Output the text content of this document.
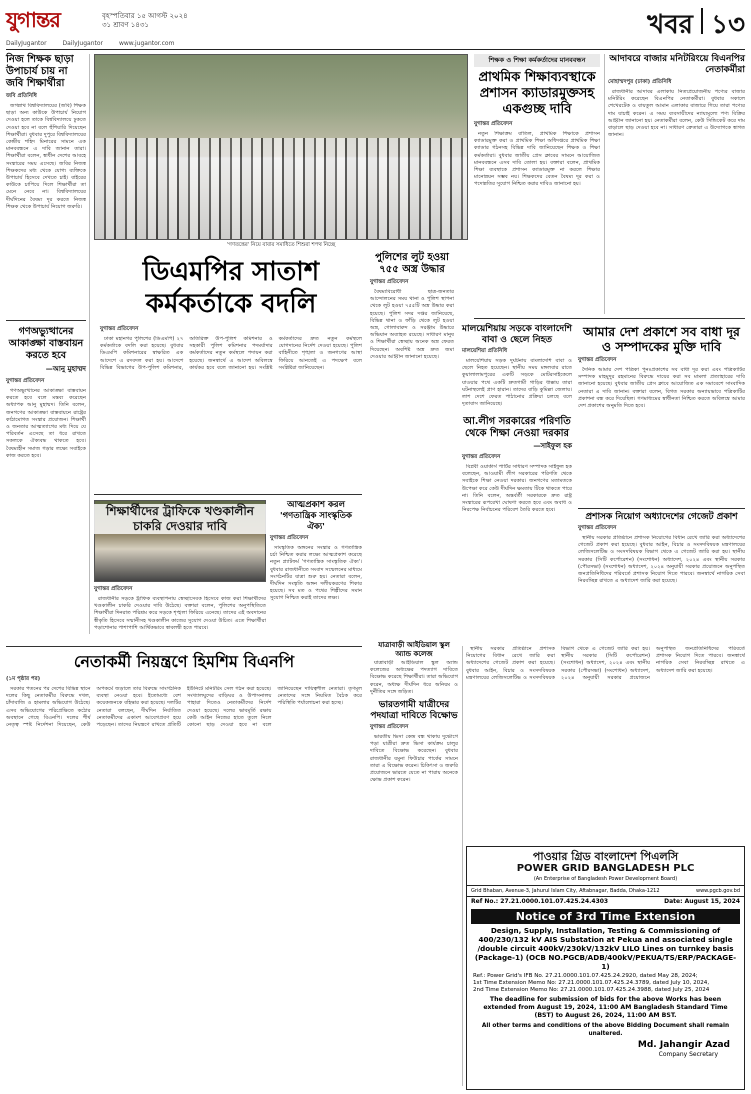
যুগান্তর	বৃহস্পতিবার ১৫ আগস্ট ২০২৪
৩১ শ্রাবণ ১৪৩১	খবর ১৩
DailyJugantor	DailyJugantor	www.jugantor.com
নিজ শিক্ষক ছাড়া উপাচার্য চায় না জবি শিক্ষার্থীরা
জবি প্রতিনিধি

জগন্নাথ বিশ্ববিদ্যালয়ের (জবি) শিক্ষক ছাড়া অন্য কাউকে উপাচার্য নিয়োগ দেওয়া হলে তাকে বিশ্ববিদ্যালয়ে ঢুকতে দেওয়া হবে না বলে হুঁশিয়ারি দিয়েছেন শিক্ষার্থীরা। বুধবার দুপুরে বিশ্ববিদ্যালয়ের কেন্দ্রীয় শহিদ মিনারের সামনে এক মানববন্ধনে এ দাবি জানান তারা। শিক্ষার্থীরা বলেন, স্বাধীন দেশের আবহে সংস্কারের সময় এসেছে। জবির নিজস্ব শিক্ষকদের মধ্য থেকে যোগ্য ব্যক্তিকে উপাচার্য হিসেবে দেখতে চাই। বাইরের কাউকে চাপিয়ে দিলে শিক্ষার্থীরা তা মেনে নেবে না। বিশ্ববিদ্যালয়ের দীর্ঘদিনের বৈষম্য দূর করতে নিজস্ব শিক্ষক থেকে উপাচার্য নিয়োগ জরুরি।

গণঅভ্যুত্থানের আকাঙ্ক্ষা বাস্তবায়ন করতে হবে
—আনু মুহাম্মদ
যুগান্তর প্রতিবেদন

গণঅভ্যুত্থানের আকাঙ্ক্ষা বাস্তবায়ন করতে হবে বলে মন্তব্য করেছেন অধ্যাপক আনু মুহাম্মদ। তিনি বলেন, জনগণের আকাঙ্ক্ষা বাস্তবায়নে রাষ্ট্রের কাঠামোগত সংস্কার প্রয়োজন। শিক্ষার্থী ও জনতার আত্মত্যাগের মধ্য দিয়ে যে পরিবর্তন এসেছে তা ধরে রাখতে সকলকে ঐক্যবদ্ধ থাকতে হবে। বৈষম্যহীন সমাজ গড়ার লক্ষ্যে সবাইকে কাজ করতে হবে।

'গণতন্ত্রের' নিয়ে বাবার সমাধিতে শিশুরা শপথ নিচ্ছে
শিক্ষক ও শিক্ষা কর্মকর্তাদের মানববন্ধন
প্রাথমিক শিক্ষাব্যবস্থাকে প্রশাসন ক্যাডারমুক্তসহ একগুচ্ছ দাবি
যুগান্তর প্রতিবেদন

নতুন শিক্ষাক্রম বাতিল, প্রাথমিক শিক্ষাকে প্রশাসন ক্যাডারমুক্ত করা ও প্রাথমিক শিক্ষা অধিদপ্তরে প্রাথমিক শিক্ষা ক্যাডার গঠনসহ বিভিন্ন দাবি জানিয়েছেন শিক্ষক ও শিক্ষা কর্মকর্তারা। বুধবার জাতীয় প্রেস ক্লাবের সামনে আয়োজিত মানববন্ধনে এসব দাবি তোলা হয়। বক্তারা বলেন, প্রাথমিক শিক্ষা ব্যবস্থাকে প্রশাসন ক্যাডারমুক্ত না করলে শিক্ষার মানোন্নয়ন সম্ভব নয়। শিক্ষকদের বেতন বৈষম্য দূর করা ও পদোন্নতির সুযোগ নিশ্চিত করার দাবিও জানানো হয়।

আদাবরে বাজার মনিটরিংয়ে বিএনপির নেতাকর্মীরা
মোহাম্মদপুর (ঢাকা) প্রতিনিধি

রাজধানীর আদাবর এলাকায় নিত্যপ্রয়োজনীয় পণ্যের বাজার মনিটরিং করেছেন বিএনপির নেতাকর্মীরা। বুধবার সকালে শেখেরটেক ও বায়তুল আমান এলাকার বাজারে গিয়ে তারা পণ্যের দাম যাচাই করেন। এ সময় ব্যবসায়ীদের ন্যায্যমূল্যে পণ্য বিক্রির আহ্বান জানানো হয়। নেতাকর্মীরা বলেন, কেউ সিন্ডিকেট করে দাম বাড়ালে ছাড় দেওয়া হবে না। সাধারণ ক্রেতারা এ উদ্যোগকে স্বাগত জানান।

ডিএমপির সাতাশ কর্মকর্তাকে বদলি
পুলিশের লুট হওয়া ৭৫৫ অস্ত্র উদ্ধার
যুগান্তর প্রতিবেদন

বৈষম্যবিরোধী ছাত্র-জনতার আন্দোলনের সময় থানা ও পুলিশ স্থাপনা থেকে লুট হওয়া ৭৫৫টি অস্ত্র উদ্ধার করা হয়েছে। পুলিশ সদর দপ্তর জানিয়েছে, বিভিন্ন থানা ও ফাঁড়ি থেকে লুট হওয়া অস্ত্র, গোলাবারুদ ও সরঞ্জাম উদ্ধারে অভিযান অব্যাহত রয়েছে। সাধারণ মানুষ ও শিক্ষার্থীরা স্বেচ্ছায় অনেক অস্ত্র ফেরত দিয়েছেন। অবশিষ্ট অস্ত্র দ্রুত জমা দেওয়ার আহ্বান জানানো হয়েছে।

যুগান্তর প্রতিবেদন

ঢাকা মহানগর পুলিশের (ডিএমপি) ২৭ কর্মকর্তাকে বদলি করা হয়েছে। বুধবার ডিএমপি কমিশনারের স্বাক্ষরিত এক আদেশে এ রদবদল করা হয়। আদেশে বিভিন্ন বিভাগের উপ-পুলিশ কমিশনার, অতিরিক্ত উপ-পুলিশ কমিশনার ও সহকারী পুলিশ কমিশনার পদমর্যাদার কর্মকর্তাদের নতুন কর্মস্থলে পদায়ন করা হয়েছে। জনস্বার্থে এ আদেশ অবিলম্বে কার্যকর হবে বলে জানানো হয়। সংশ্লিষ্ট কর্মকর্তাদের দ্রুত নতুন কর্মস্থলে যোগদানের নির্দেশ দেওয়া হয়েছে। পুলিশ বাহিনীতে শৃঙ্খলা ও জনগণের আস্থা ফিরিয়ে আনতেই এ পদক্ষেপ বলে সংশ্লিষ্টরা জানিয়েছেন।

মালয়েশিয়ায় সড়কে বাংলাদেশি বাবা ও ছেলে নিহত
মালয়েশিয়া প্রতিনিধি

মালয়েশিয়ায় সড়ক দুর্ঘটনায় বাংলাদেশি বাবা ও ছেলে নিহত হয়েছেন। স্থানীয় সময় মঙ্গলবার রাতে কুয়ালালামপুরের একটি সড়কে মোটরসাইকেলে যাওয়ার পথে একটি দ্রুতগামী গাড়ির ধাক্কায় তারা ঘটনাস্থলেই প্রাণ হারান। তাদের বাড়ি কুমিল্লা জেলায়। লাশ দেশে ফেরত পাঠানোর প্রক্রিয়া চলছে বলে দূতাবাস জানিয়েছে।

আমার দেশ প্রকাশে সব বাধা দূর ও সম্পাদকের মুক্তি দাবি
যুগান্তর প্রতিবেদন

দৈনিক আমার দেশ পত্রিকা পুনঃপ্রকাশের সব বাধা দূর করা এবং পত্রিকাটির সম্পাদক মাহমুদুর রহমানের বিরুদ্ধে দায়ের করা সব মামলা প্রত্যাহারের দাবি জানানো হয়েছে। বুধবার জাতীয় প্রেস ক্লাবে আয়োজিত এক সমাবেশে সাংবাদিক নেতারা এ দাবি জানান। বক্তারা বলেন, বিগত সরকার অন্যায়ভাবে পত্রিকাটির প্রকাশনা বন্ধ করে দিয়েছিল। গণমাধ্যমের স্বাধীনতা নিশ্চিত করতে অবিলম্বে আমার দেশ প্রকাশের অনুমতি দিতে হবে।

আ.লীগ সরকারের পরিণতি থেকে শিক্ষা নেওয়া দরকার
—সাইফুল হক
যুগান্তর প্রতিবেদন

বিপ্লবী ওয়ার্কার্স পার্টির সাধারণ সম্পাদক সাইফুল হক বলেছেন, আওয়ামী লীগ সরকারের পরিণতি থেকে সবাইকে শিক্ষা নেওয়া দরকার। জনগণের মতামতকে উপেক্ষা করে কেউ দীর্ঘদিন ক্ষমতায় টিকে থাকতে পারে না। তিনি বলেন, অন্তর্বর্তী সরকারকে দ্রুত রাষ্ট্র সংস্কারের রূপরেখা ঘোষণা করতে হবে এবং অবাধ ও নিরপেক্ষ নির্বাচনের পরিবেশ তৈরি করতে হবে।

শিক্ষার্থীদের ট্রাফিকে খণ্ডকালীন চাকরি দেওয়ার দাবি
যুগান্তর প্রতিবেদন

রাজধানীর সড়কে ট্রাফিক ব্যবস্থাপনায় স্বেচ্ছাসেবক হিসেবে কাজ করা শিক্ষার্থীদের খণ্ডকালীন চাকরি দেওয়ার দাবি উঠেছে। বক্তারা বলেন, পুলিশের অনুপস্থিতিতে শিক্ষার্থীরা দিনরাত পরিশ্রম করে সড়কে শৃঙ্খলা ফিরিয়ে এনেছে। তাদের এই অবদানের স্বীকৃতি হিসেবে সম্মানীসহ খণ্ডকালীন কাজের সুযোগ দেওয়া উচিত। এতে শিক্ষার্থীরা পড়াশোনার পাশাপাশি আর্থিকভাবে স্বাবলম্বী হতে পারবে।

আত্মপ্রকাশ করল 'গণতান্ত্রিক সাংস্কৃতিক ঐক্য'
যুগান্তর প্রতিবেদন

সাংস্কৃতিক অঙ্গনের সংস্কার ও গণতান্ত্রিক চর্চা নিশ্চিত করার লক্ষ্যে আত্মপ্রকাশ করেছে নতুন প্ল্যাটফর্ম 'গণতান্ত্রিক সাংস্কৃতিক ঐক্য'। বুধবার রাজধানীতে সংবাদ সম্মেলনের মাধ্যমে সংগঠনটির যাত্রা শুরু হয়। নেতারা বলেন, দীর্ঘদিন সংস্কৃতি অঙ্গন দলীয়করণের শিকার হয়েছে। সব মত ও পথের শিল্পীদের সমান সুযোগ নিশ্চিত করাই তাদের লক্ষ্য।

প্রশাসক নিয়োগ অধ্যাদেশের গেজেট প্রকাশ
যুগান্তর প্রতিবেদন

স্থানীয় সরকার প্রতিষ্ঠানে প্রশাসক নিয়োগের বিধান রেখে জারি করা অধ্যাদেশের গেজেট প্রকাশ করা হয়েছে। বুধবার আইন, বিচার ও সংসদবিষয়ক মন্ত্রণালয়ের লেজিসলেটিভ ও সংসদবিষয়ক বিভাগ থেকে এ গেজেট জারি করা হয়। স্থানীয় সরকার (সিটি কর্পোরেশন) (সংশোধন) অধ্যাদেশ, ২০২৪ এবং স্থানীয় সরকার (পৌরসভা) (সংশোধন) অধ্যাদেশ, ২০২৪ অনুযায়ী সরকার প্রয়োজনে অনুপস্থিত জনপ্রতিনিধিদের পরিবর্তে প্রশাসক নিয়োগ দিতে পারবে। জনস্বার্থে নাগরিক সেবা নিরবচ্ছিন্ন রাখতে এ অধ্যাদেশ জারি করা হয়েছে।

যাত্রাবাড়ী আইডিয়াল স্কুল অ্যান্ড কলেজ

যাত্রাবাড়ী আইডিয়াল স্কুল অ্যান্ড কলেজের অধ্যক্ষের পদত্যাগ দাবিতে বিক্ষোভ করেছে শিক্ষার্থীরা। তারা অভিযোগ করেন, অধ্যক্ষ দীর্ঘদিন ধরে অনিয়ম ও দুর্নীতির সঙ্গে জড়িত।

ভারতগামী যাত্রীদের পদযাত্রা দাবিতে বিক্ষোভ
যুগান্তর প্রতিবেদন

ভারতীয় ভিসা কেন্দ্র বন্ধ থাকায় দুর্ভোগে পড়া যাত্রীরা দ্রুত ভিসা কার্যক্রম চালুর দাবিতে বিক্ষোভ করেছেন। বুধবার রাজধানীর যমুনা ফিউচার পার্কের সামনে তারা এ বিক্ষোভ করেন। চিকিৎসা ও জরুরি প্রয়োজনে ভারতে যেতে না পারায় অনেকে ক্ষোভ প্রকাশ করেন।

নেতাকর্মী নিয়ন্ত্রণে হিমশিম বিএনপি
(১ম পৃষ্ঠার পর)

সরকার পতনের পর দেশের বিভিন্ন স্থানে দলের কিছু নেতাকর্মীর বিরুদ্ধে দখল, চাঁদাবাজি ও হামলার অভিযোগ উঠেছে। এসব অভিযোগের পরিপ্রেক্ষিতে কঠোর অবস্থানে গেছে বিএনপি। দলের শীর্ষ নেতৃত্ব স্পষ্ট নির্দেশনা দিয়েছেন, কেউ অপকর্মে জড়ালে তার বিরুদ্ধে সাংগঠনিক ব্যবস্থা নেওয়া হবে। ইতোমধ্যে বেশ কয়েকজনকে বহিষ্কার করা হয়েছে। দলটির নেতারা বলছেন, দীর্ঘদিন নির্যাতিত নেতাকর্মীদের একাংশ আবেগপ্রবণ হয়ে পড়েছেন। তাদের নিয়ন্ত্রণে রাখতে প্রতিটি ইউনিটে মনিটরিং সেল গঠন করা হয়েছে। সংখ্যালঘুদের বাড়িঘর ও উপাসনালয় পাহারা দিতেও নেতাকর্মীদের নির্দেশ দেওয়া হয়েছে। দলের ভাবমূর্তি রক্ষায় কেউ আইন নিজের হাতে তুলে নিলে কোনো ছাড় দেওয়া হবে না বলে জানিয়েছেন দায়িত্বশীল নেতারা। তৃণমূল নেতাদের সঙ্গে নিয়মিত বৈঠক করে পরিস্থিতি পর্যালোচনা করা হচ্ছে।

স্থানীয় সরকার প্রতিষ্ঠানে প্রশাসক নিয়োগের বিধান রেখে জারি করা অধ্যাদেশের গেজেট প্রকাশ করা হয়েছে। বুধবার আইন, বিচার ও সংসদবিষয়ক মন্ত্রণালয়ের লেজিসলেটিভ ও সংসদবিষয়ক বিভাগ থেকে এ গেজেট জারি করা হয়। স্থানীয় সরকার (সিটি কর্পোরেশন) (সংশোধন) অধ্যাদেশ, ২০২৪ এবং স্থানীয় সরকার (পৌরসভা) (সংশোধন) অধ্যাদেশ, ২০২৪ অনুযায়ী সরকার প্রয়োজনে অনুপস্থিত জনপ্রতিনিধিদের পরিবর্তে প্রশাসক নিয়োগ দিতে পারবে। জনস্বার্থে নাগরিক সেবা নিরবচ্ছিন্ন রাখতে এ অধ্যাদেশ জারি করা হয়েছে।

পাওয়ার গ্রিড বাংলাদেশ পিএলসি
POWER GRID BANGLADESH PLC
(An Enterprise of Bangladesh Power Development Board)
Grid Bhaban, Avenue-3, Jahurul Islam City, Aftabnagar, Badda, Dhaka-1212	www.pgcb.gov.bd
Ref No.: 27.21.0000.101.07.425.24.4303	Date: August 15, 2024
Notice of 3rd Time Extension
Design, Supply, Installation, Testing & Commissioning of 400/230/132 kV AIS Substation at Pekua and associated single /double circuit 400kV/230kV/132kV LILO Lines on turnkey basis (Package-1) (OCB NO.PGCB/ADB/400kV/PEKUA/TS/ERP/PACKAGE-1)
Ref.: Power Grid's IFB No. 27.21.0000.101.07.425.24.2920, dated May 28, 2024;
1st Time Extension Memo No: 27.21.0000.101.07.425.24.3789, dated July 10, 2024,
2nd Time Extension Memo No: 27.21.0000.101.07.425.24.3988, dated July 25, 2024
The deadline for submission of bids for the above Works has been extended from August 19, 2024, 11:00 AM Bangladesh Standard Time (BST) to August 26, 2024, 11:00 AM BST.
All other terms and conditions of the above Bidding Document shall remain unaltered.
Md. Jahangir Azad
Company Secretary
